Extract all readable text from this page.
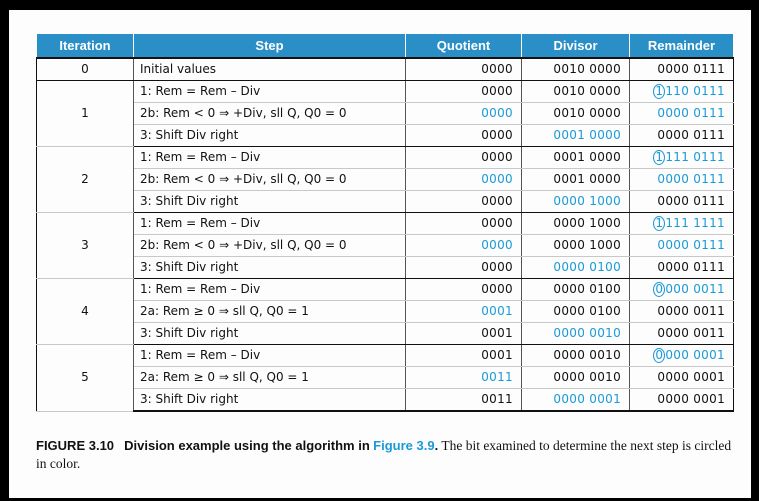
Iteration	Step	Quotient	Divisor	Remainder
0	Initial values	0000	0010 0000	0000 0111
1	1: Rem = Rem – Div	0000	0010 0000	1 110 0111
	2b: Rem < 0 ⇒ +Div, sll Q, Q0 = 0	0000	0010 0000	0000 0111
	3: Shift Div right	0000	0001 0000	0000 0111
2	1: Rem = Rem – Div	0000	0001 0000	1 111 0111
	2b: Rem < 0 ⇒ +Div, sll Q, Q0 = 0	0000	0001 0000	0000 0111
	3: Shift Div right	0000	0000 1000	0000 0111
3	1: Rem = Rem – Div	0000	0000 1000	1 111 1111
	2b: Rem < 0 ⇒ +Div, sll Q, Q0 = 0	0000	0000 1000	0000 0111
	3: Shift Div right	0000	0000 0100	0000 0111
4	1: Rem = Rem – Div	0000	0000 0100	0 000 0011
	2a: Rem ≥ 0 ⇒ sll Q, Q0 = 1	0001	0000 0100	0000 0011
	3: Shift Div right	0001	0000 0010	0000 0011
5	1: Rem = Rem – Div	0001	0000 0010	0 000 0001
	2a: Rem ≥ 0 ⇒ sll Q, Q0 = 1	0011	0000 0010	0000 0001
	3: Shift Div right	0011	0000 0001	0000 0001
FIGURE 3.10 Division example using the algorithm in Figure 3.9. The bit examined to determine the next step is circled in color.
